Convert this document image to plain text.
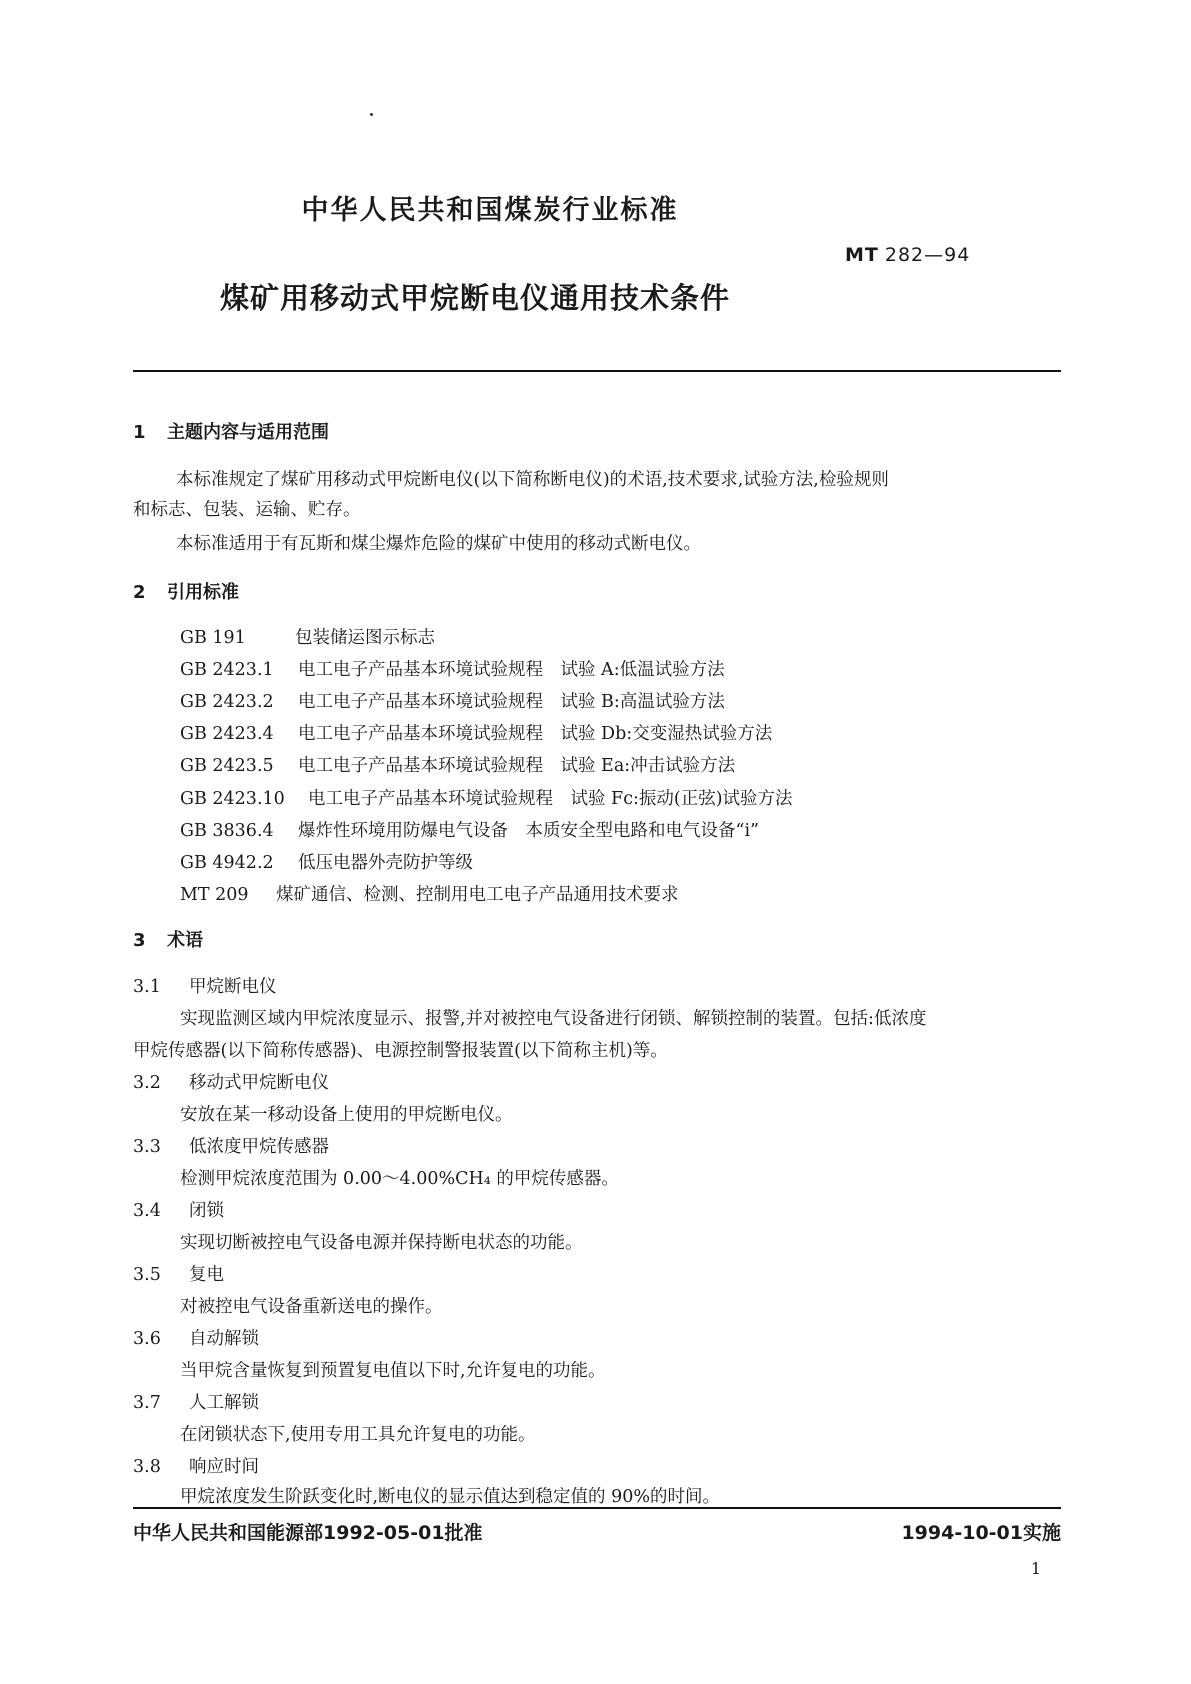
中华人民共和国煤炭行业标准
MT 282—94
煤矿用移动式甲烷断电仪通用技术条件
1 主题内容与适用范围
本标准规定了煤矿用移动式甲烷断电仪(以下简称断电仪)的术语,技术要求,试验方法,检验规则
和标志、包装、运输、贮存。
本标准适用于有瓦斯和煤尘爆炸危险的煤矿中使用的移动式断电仪。
2 引用标准
GB 191	包装储运图示标志
GB 2423.1 电工电子产品基本环境试验规程　试验 A:低温试验方法
GB 2423.2 电工电子产品基本环境试验规程　试验 B:高温试验方法
GB 2423.4 电工电子产品基本环境试验规程　试验 Db:交变湿热试验方法
GB 2423.5 电工电子产品基本环境试验规程　试验 Ea:冲击试验方法
GB 2423.10 电工电子产品基本环境试验规程　试验 Fc:振动(正弦)试验方法
GB 3836.4 爆炸性环境用防爆电气设备　本质安全型电路和电气设备“i”
GB 4942.2 低压电器外壳防护等级
MT 209 煤矿通信、检测、控制用电工电子产品通用技术要求
3 术语
3.1 甲烷断电仪
实现监测区域内甲烷浓度显示、报警,并对被控电气设备进行闭锁、解锁控制的装置。包括:低浓度
甲烷传感器(以下简称传感器)、电源控制警报装置(以下简称主机)等。
3.2 移动式甲烷断电仪
安放在某一移动设备上使用的甲烷断电仪。
3.3 低浓度甲烷传感器
检测甲烷浓度范围为 0.00～4.00%CH₄ 的甲烷传感器。
3.4 闭锁
实现切断被控电气设备电源并保持断电状态的功能。
3.5 复电
对被控电气设备重新送电的操作。
3.6 自动解锁
当甲烷含量恢复到预置复电值以下时,允许复电的功能。
3.7 人工解锁
在闭锁状态下,使用专用工具允许复电的功能。
3.8 响应时间
甲烷浓度发生阶跃变化时,断电仪的显示值达到稳定值的 90%的时间。
中华人民共和国能源部1992-05-01批准	1994-10-01实施
1
